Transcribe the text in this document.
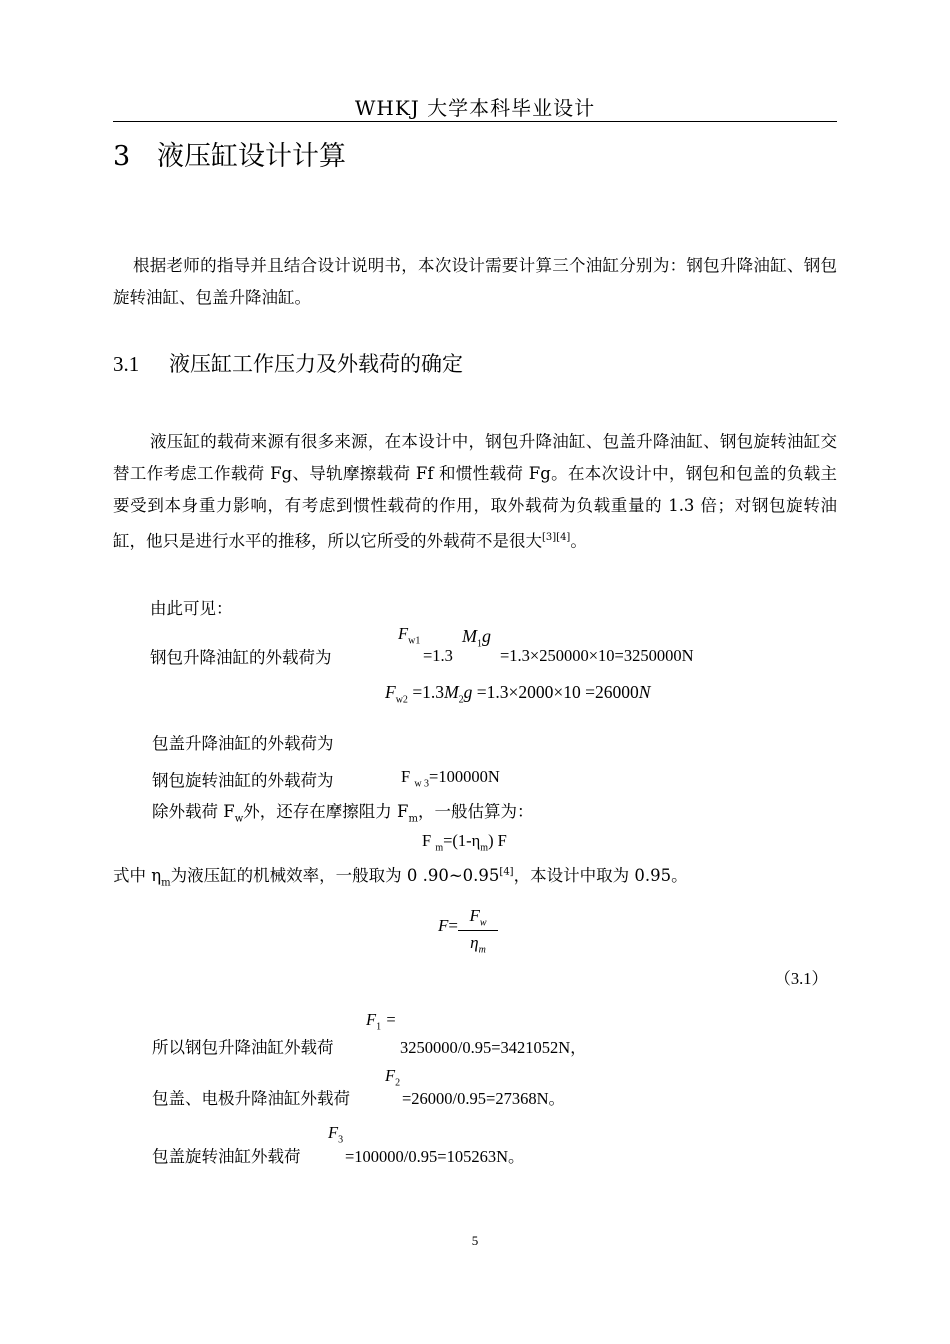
WHKJ 大学本科毕业设计
3 液压缸设计计算
根据老师的指导并且结合设计说明书，本次设计需要计算三个油缸分别为：钢包升降油缸、钢包旋转油缸、包盖升降油缸。
3.1 液压缸工作压力及外载荷的确定
液压缸的载荷来源有很多来源，在本设计中，钢包升降油缸、包盖升降油缸、钢包旋转油缸交替工作考虑工作载荷 Fg、导轨摩擦载荷 Ff 和惯性载荷 Fg。在本次设计中，钢包和包盖的负载主要受到本身重力影响，有考虑到惯性载荷的作用，取外载荷为负载重量的 1.3 倍；对钢包旋转油缸，他只是进行水平的推移，所以它所受的外载荷不是很大[3][4]。
由此可见：
钢包升降油缸的外载荷为
$F_{w1}$
=1.3
$M_1g$
=1.3×250000×10=3250000N
$F_{w2} =1.3M_2g =1.3\times 2000\times 10 =26000N$
包盖升降油缸的外载荷为
钢包旋转油缸的外载荷为	F $_{w 3}$=100000N
除外载荷 $F_w$外，还存在摩擦阻力 $F_m$，一般估算为：
F $_m=(1-\eta_m)$ F
式中 $\eta_m$为液压缸的机械效率，一般取为 0 .90~0.95[4]，本设计中取为 0.95。
F=
$F_w$
$\eta_m$
（3.1）
所以钢包升降油缸外载荷
$F_1$ =
3250000/0.95=3421052N，
包盖、电极升降油缸外载荷
$F_2$
=26000/0.95=27368N。
包盖旋转油缸外载荷
$F_3$
=100000/0.95=105263N。
5
